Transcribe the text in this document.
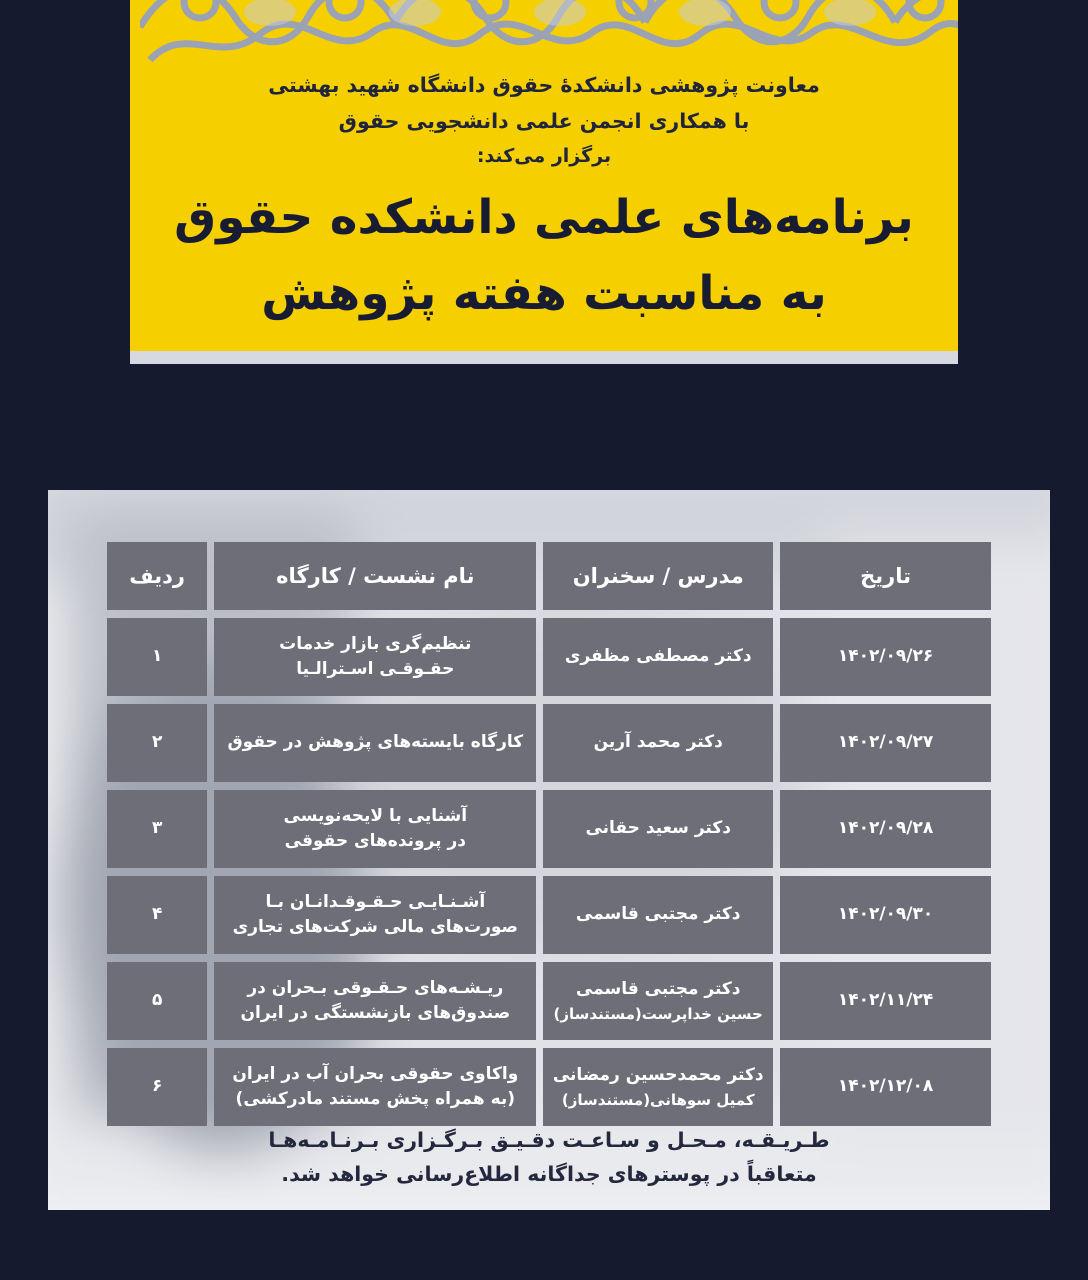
معاونت پژوهشی دانشکدهٔ حقوق دانشگاه شهید بهشتی
با همکاری انجمن علمی دانشجویی حقوق
برگزار می‌کند:
برنامه‌های علمی دانشکده حقوق
به مناسبت هفته پژوهش
تاریخ	مدرس / سخنران	نام نشست / کارگاه	ردیف
۱۴۰۲/۰۹/۲۶	دکتر مصطفی مظفری	تنظیم‌گری بازار خدمات
حقـوقـی اسـترالـیا	۱
۱۴۰۲/۰۹/۲۷	دکتر محمد آرین	کارگاه بایسته‌های پژوهش در حقوق	۲
۱۴۰۲/۰۹/۲۸	دکتر سعید حقانی	آشنایی با لایحه‌نویسی
در پرونده‌های حقوقی	۳
۱۴۰۲/۰۹/۳۰	دکتر مجتبی قاسمی	آشـنـایـی حـقـوقـدانـان بـا
صورت‌های مالی شرکت‌های تجاری	۴
۱۴۰۲/۱۱/۲۴	دکتر مجتبی قاسمی
حسین خداپرست(مستندساز)	ریـشـه‌های حـقـوقی بـحران در
صندوق‌های بازنشستگی در ایران	۵
۱۴۰۲/۱۲/۰۸	دکتر محمدحسین رمضانی
کمیل سوهانی(مستندساز)	واکاوی حقوقی بحران آب در ایران
(به همراه پخش مستند مادرکشی)	۶
طـریـقـه، مـحـل و سـاعـت دقـیـق بـرگـزاری بـرنـامـه‌هـا
متعاقباً در پوسترهای جداگانه اطلاع‌رسانی خواهد شد.
